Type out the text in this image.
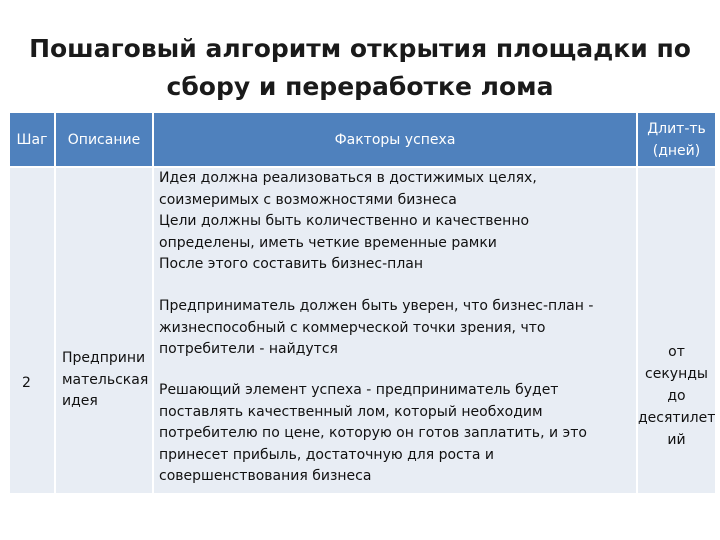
Пошаговый алгоритм открытия площадки по
сбору и переработке лома
Шаг	Описание	Факторы успеха
Длит-ть (дней)
2
Предприни мательская идея
Идея должна реализоваться в достижимых целях,
соизмеримых с возможностями бизнеса
Цели должны быть количественно и качественно
определены, иметь четкие временные рамки
После этого составить бизнес-план
Предприниматель должен быть уверен, что бизнес-план -
жизнеспособный с коммерческой точки зрения, что
потребители - найдутся
Решающий элемент успеха - предприниматель будет
поставлять качественный лом, который необходим
потребителю по цене, которую он готов заплатить, и это
принесет прибыль, достаточную для роста и
совершенствования бизнеса
от секунды до десятилет ий
